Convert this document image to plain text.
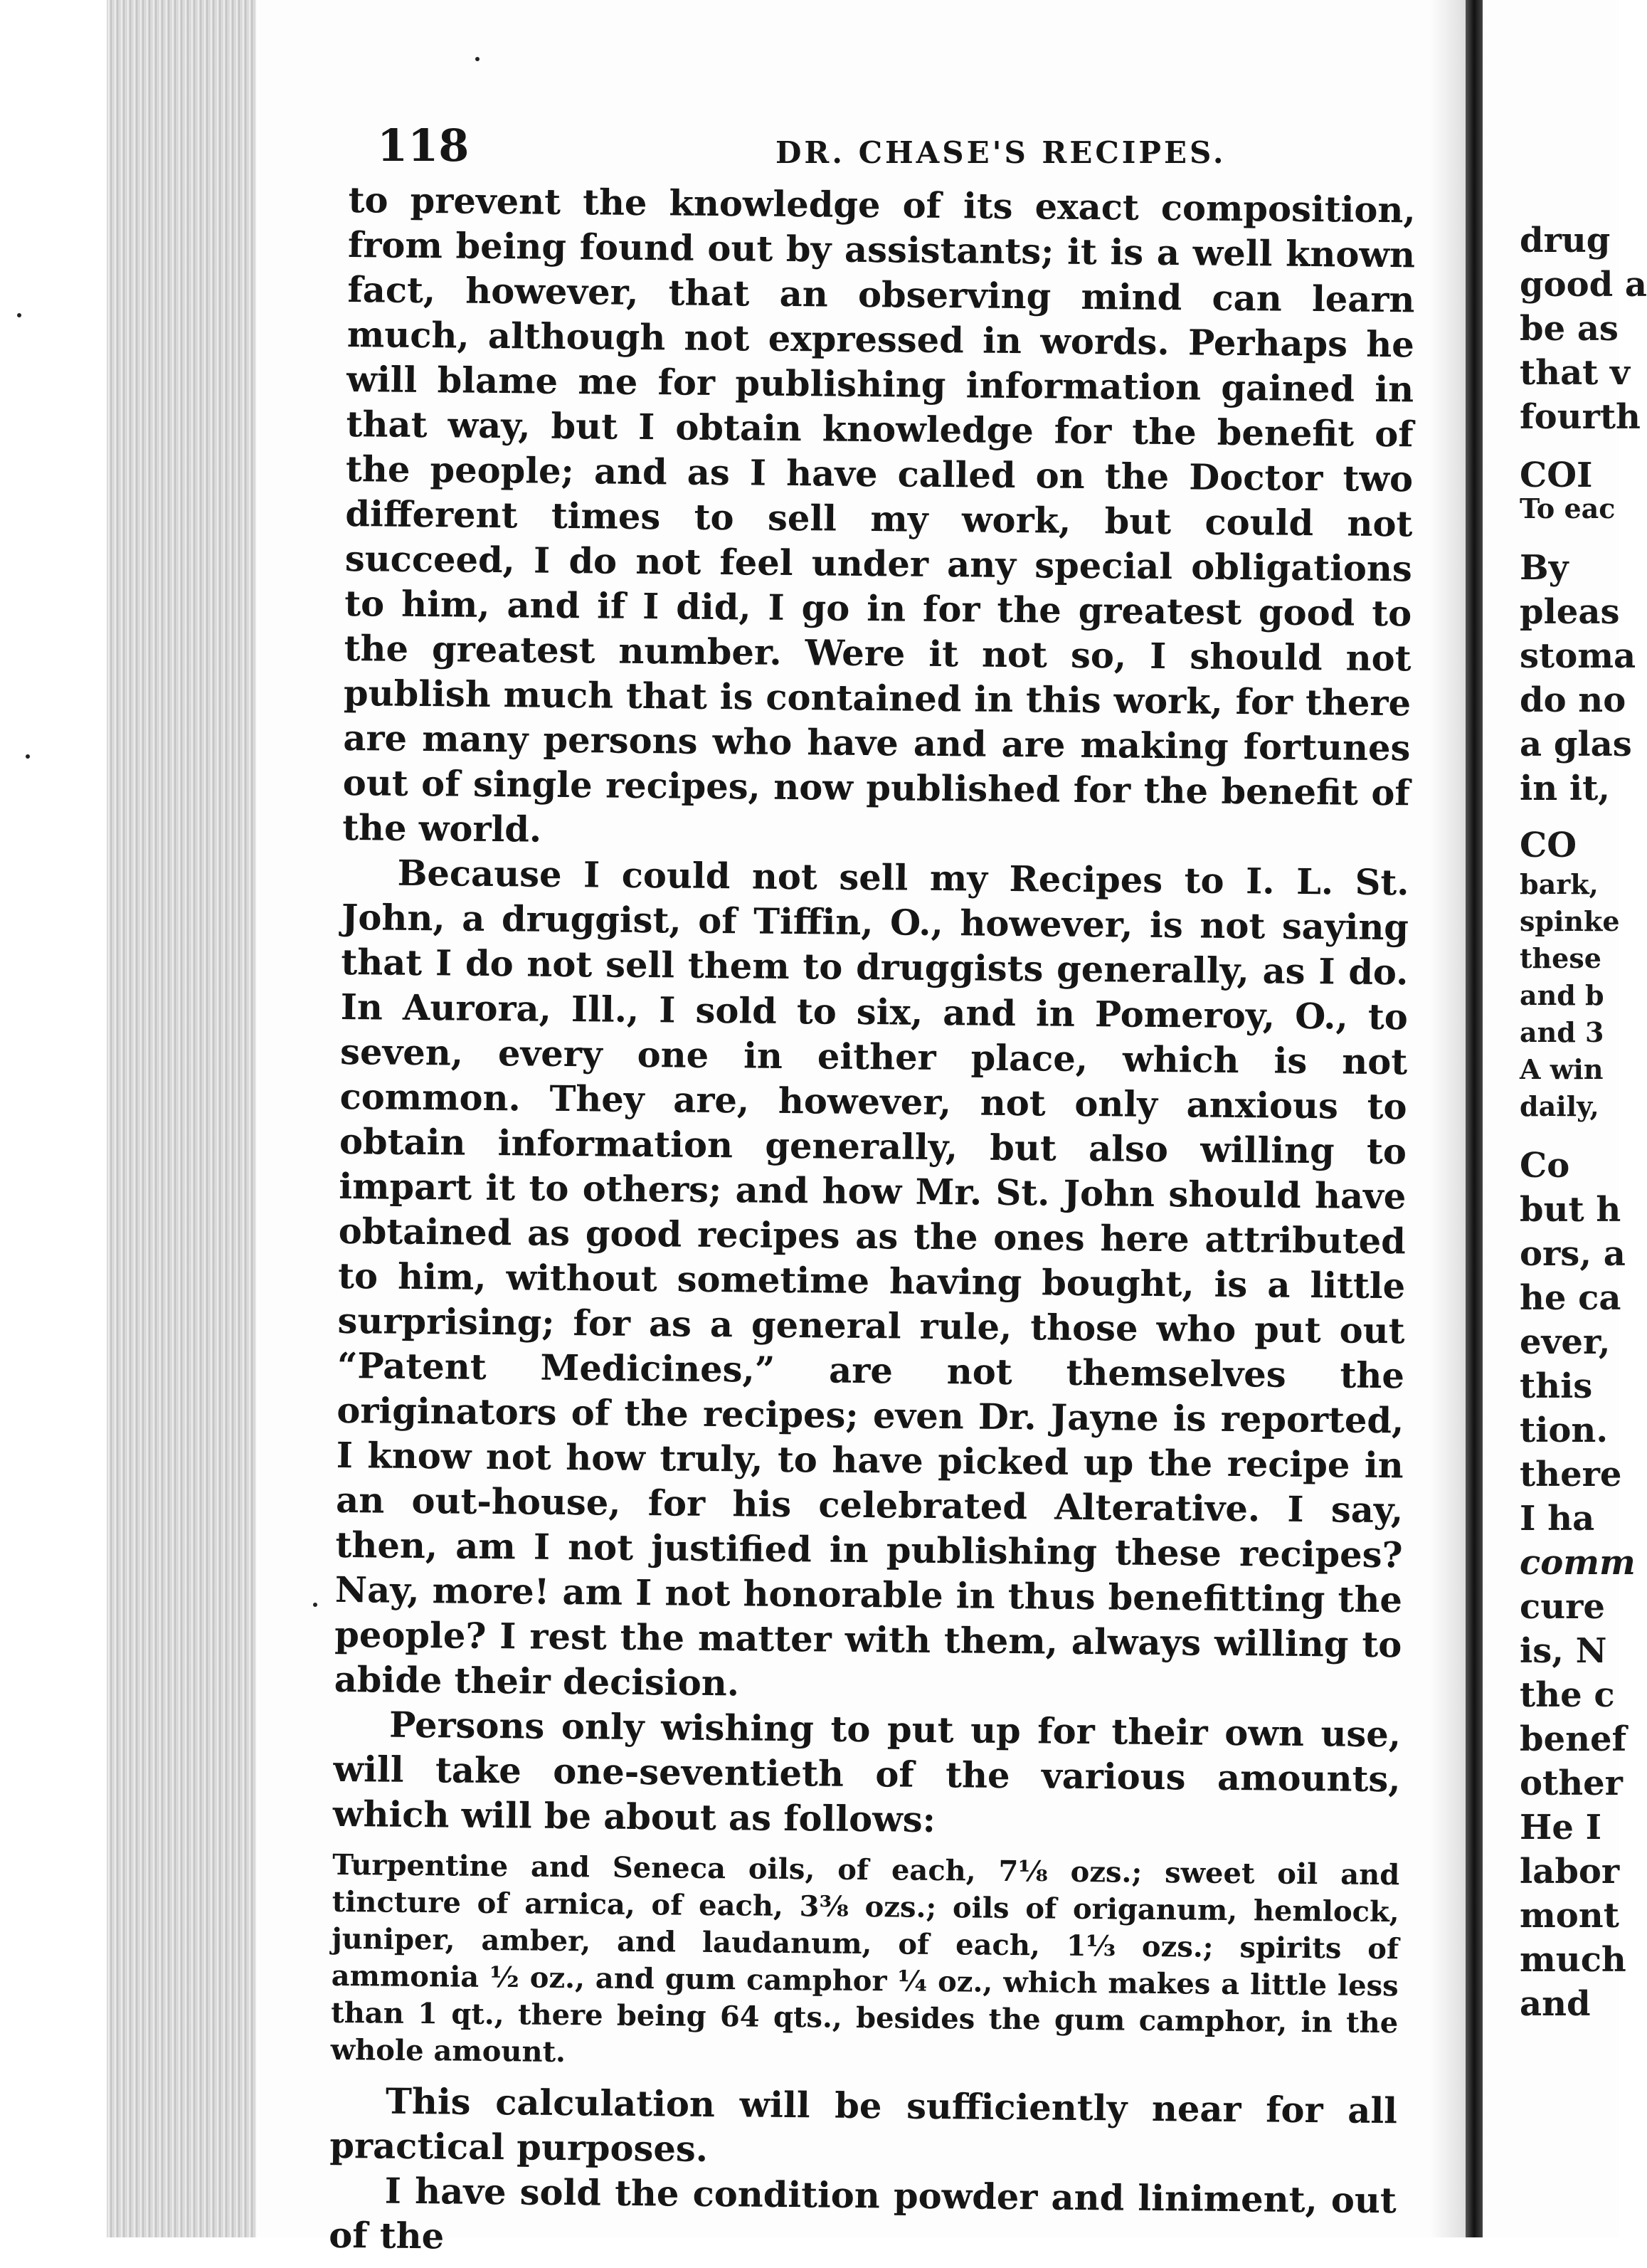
118	DR. CHASE'S RECIPES.

to prevent the knowledge of its exact composition, from being found out by assistants; it is a well known fact, however, that an observing mind can learn much, although not expressed in words. Perhaps he will blame me for publishing information gained in that way, but I obtain knowledge for the benefit of the people; and as I have called on the Doctor two different times to sell my work, but could not succeed, I do not feel under any special obligations to him, and if I did, I go in for the greatest good to the greatest number. Were it not so, I should not publish much that is contained in this work, for there are many persons who have and are making fortunes out of single recipes, now published for the benefit of the world.

Because I could not sell my Recipes to I. L. St. John, a druggist, of Tiffin, O., however, is not saying that I do not sell them to druggists generally, as I do. In Aurora, Ill., I sold to six, and in Pomeroy, O., to seven, every one in either place, which is not common. They are, however, not only anxious to obtain information generally, but also willing to impart it to others; and how Mr. St. John should have obtained as good recipes as the ones here attributed to him, without sometime having bought, is a little surprising; for as a general rule, those who put out “Patent Medicines,” are not themselves the originators of the recipes; even Dr. Jayne is reported, I know not how truly, to have picked up the recipe in an out-house, for his celebrated Alterative. I say, then, am I not justified in publishing these recipes? Nay, more! am I not honorable in thus benefitting the people? I rest the matter with them, always willing to abide their decision.

Persons only wishing to put up for their own use, will take one-seventieth of the various amounts, which will be about as follows:

Turpentine and Seneca oils, of each, 7⅛ ozs.; sweet oil and tincture of arnica, of each, 3⅜ ozs.; oils of origanum, hemlock, juniper, amber, and laudanum, of each, 1⅓ ozs.; spirits of ammonia ½ oz., and gum camphor ¼ oz., which makes a little less than 1 qt., there being 64 qts., besides the gum camphor, in the whole amount.

This calculation will be sufficiently near for all practical purposes.

I have sold the condition powder and liniment, out of the

drug
good a
be as
that v
fourth
COI
To eac
By
pleas
stoma
do no
a glas
in it,
CO
bark,
spinke
these
and b
and 3
A win
daily,
Co
but h
ors, a
he ca
ever,
this
tion.
there
I ha
comm
cure
is, N
the c
benef
other
He I
labor
mont
much
and
